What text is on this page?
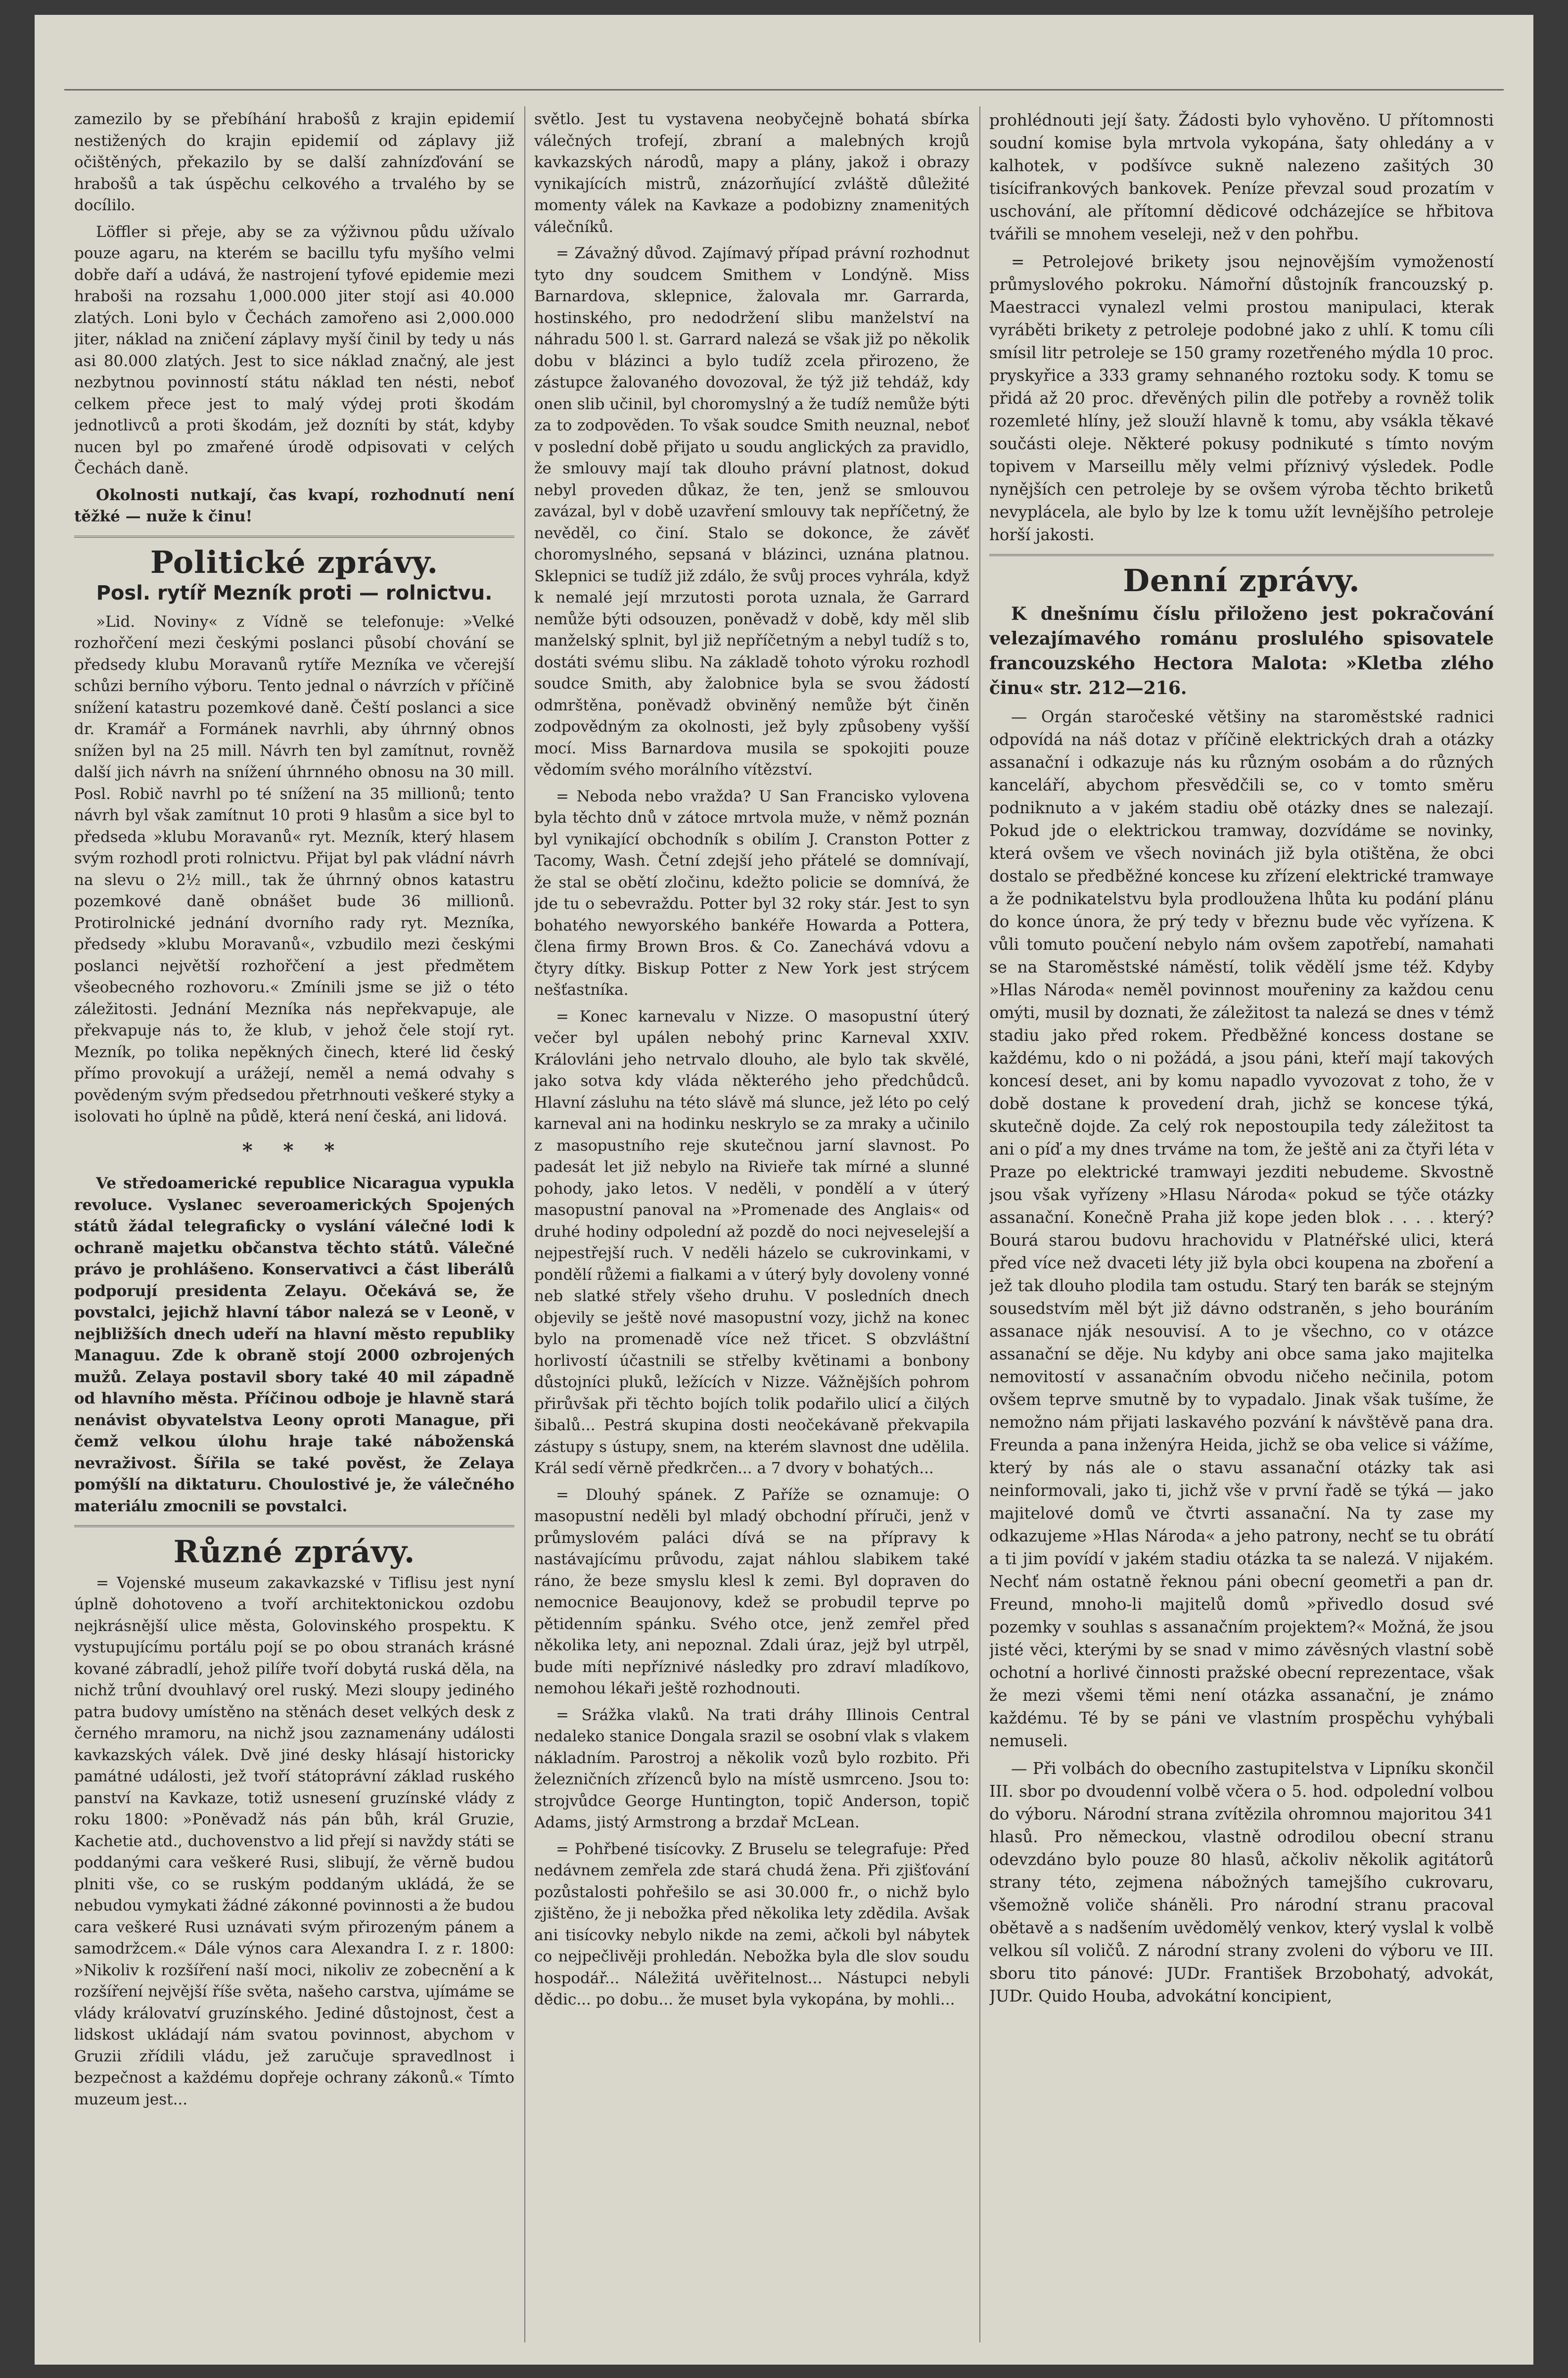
zamezilo by se přebíhání hrabošů z krajin epidemií nestižených do krajin epidemií od záplavy již očištěných, překazilo by se další zahnízďování se hrabošů a tak úspěchu celkového a trvalého by se docílilo.

Löffler si přeje, aby se za výživnou půdu užívalo pouze agaru, na kterém se bacillu tyfu myšího velmi dobře daří a udává, že nastrojení tyfové epidemie mezi hraboši na rozsahu 1,000.000 jiter stojí asi 40.000 zlatých. Loni bylo v Čechách zamořeno asi 2,000.000 jiter, náklad na zničení záplavy myší činil by tedy u nás asi 80.000 zlatých. Jest to sice náklad značný, ale jest nezbytnou povinností státu náklad ten nésti, neboť celkem přece jest to malý výdej proti škodám jednotlivců a proti škodám, jež dozníti by stát, kdyby nucen byl po zmařené úrodě odpisovati v celých Čechách daně.

Okolnosti nutkají, čas kvapí, rozhodnutí není těžké — nuže k činu!

Politické zprávy.
Posl. rytíř Mezník proti — rolnictvu.

»Lid. Noviny« z Vídně se telefonuje: »Velké rozhořčení mezi českými poslanci působí chování se předsedy klubu Moravanů rytíře Mezníka ve včerejší schůzi berního výboru. Tento jednal o návrzích v příčině snížení katastru pozemkové daně. Čeští poslanci a sice dr. Kramář a Formánek navrhli, aby úhrnný obnos snížen byl na 25 mill. Návrh ten byl zamítnut, rovněž další jich návrh na snížení úhrnného obnosu na 30 mill. Posl. Robič navrhl po té snížení na 35 millionů; tento návrh byl však zamítnut 10 proti 9 hlasům a sice byl to předseda »klubu Moravanů« ryt. Mezník, který hlasem svým rozhodl proti rolnictvu. Přijat byl pak vládní návrh na slevu o 2½ mill., tak že úhrnný obnos katastru pozemkové daně obnášet bude 36 millionů. Protirolnické jednání dvorního rady ryt. Mezníka, předsedy »klubu Moravanů«, vzbudilo mezi českými poslanci největší rozhořčení a jest předmětem všeobecného rozhovoru.« Zmínili jsme se již o této záležitosti. Jednání Mezníka nás nepřekvapuje, ale překvapuje nás to, že klub, v jehož čele stojí ryt. Mezník, po tolika nepěkných činech, které lid český přímo provokují a urážejí, neměl a nemá odvahy s povědeným svým předsedou přetrhnouti veškeré styky a isolovati ho úplně na půdě, která není česká, ani lidová.

* * *

Ve středoamerické republice Nicaragua vypukla revoluce. Vyslanec severoamerických Spojených států žádal telegraficky o vyslání válečné lodi k ochraně majetku občanstva těchto států. Válečné právo je prohlášeno. Konservativci a část liberálů podporují presidenta Zelayu. Očekává se, že povstalci, jejichž hlavní tábor nalezá se v Leoně, v nejbližších dnech udeří na hlavní město republiky Managuu. Zde k obraně stojí 2000 ozbrojených mužů. Zelaya postavil sbory také 40 mil západně od hlavního města. Příčinou odboje je hlavně stará nenávist obyvatelstva Leony oproti Manague, při čemž velkou úlohu hraje také náboženská nevraživost. Šířila se také pověst, že Zelaya pomýšlí na diktaturu. Choulostivé je, že válečného materiálu zmocnili se povstalci.

Různé zprávy.

= Vojenské museum zakavkazské v Tiflisu jest nyní úplně dohotoveno a tvoří architektonickou ozdobu nejkrásnější ulice města, Golovinského prospektu. K vystupujícímu portálu pojí se po obou stranách krásné kované zábradlí, jehož pilíře tvoří dobytá ruská děla, na nichž trůní dvouhlavý orel ruský. Mezi sloupy jediného patra budovy umístěno na stěnách deset velkých desk z černého mramoru, na nichž jsou zaznamenány události kavkazských válek. Dvě jiné desky hlásají historicky památné události, jež tvoří státoprávní základ ruského panství na Kavkaze, totiž usnesení gruzínské vlády z roku 1800: »Poněvadž nás pán bůh, král Gruzie, Kachetie atd., duchovenstvo a lid přejí si navždy státi se poddanými cara veškeré Rusi, slibují, že věrně budou plniti vše, co se ruským poddaným ukládá, že se nebudou vymykati žádné zákonné povinnosti a že budou cara veškeré Rusi uznávati svým přirozeným pánem a samodržcem.« Dále výnos cara Alexandra I. z r. 1800: »Nikoliv k rozšíření naší moci, nikoliv ze zobecnění a k rozšíření nejvější říše světa, našeho carstva, ujímáme se vlády královatví gruzínského. Jediné důstojnost, čest a lidskost ukládají nám svatou povinnost, abychom v Gruzii zřídili vládu, jež zaručuje spravedlnost i bezpečnost a každému dopřeje ochrany zákonů.« Tímto muzeum jest...

světlo. Jest tu vystavena neobyčejně bohatá sbírka válečných trofejí, zbraní a malebných krojů kavkazských národů, mapy a plány, jakož i obrazy vynikajících mistrů, znázorňující zvláště důležité momenty válek na Kavkaze a podobizny znamenitých válečníků.

= Závažný důvod. Zajímavý případ právní rozhodnut tyto dny soudcem Smithem v Londýně. Miss Barnardova, sklepnice, žalovala mr. Garrarda, hostinského, pro nedodržení slibu manželství na náhradu 500 l. st. Garrard nalezá se však již po několik dobu v blázinci a bylo tudíž zcela přirozeno, že zástupce žalovaného dovozoval, že týž již tehdáž, kdy onen slib učinil, byl choromyslný a že tudíž nemůže býti za to zodpověden. To však soudce Smith neuznal, neboť v poslední době přijato u soudu anglických za pravidlo, že smlouvy mají tak dlouho právní platnost, dokud nebyl proveden důkaz, že ten, jenž se smlouvou zavázal, byl v době uzavření smlouvy tak nepříčetný, že nevěděl, co činí. Stalo se dokonce, že závěť choromyslného, sepsaná v blázinci, uznána platnou. Sklepnici se tudíž již zdálo, že svůj proces vyhrála, když k nemalé její mrzutosti porota uznala, že Garrard nemůže býti odsouzen, poněvadž v době, kdy měl slib manželský splnit, byl již nepříčetným a nebyl tudíž s to, dostáti svému slibu. Na základě tohoto výroku rozhodl soudce Smith, aby žalobnice byla se svou žádostí odmrštěna, poněvadž obviněný nemůže být činěn zodpovědným za okolnosti, jež byly způsobeny vyšší mocí. Miss Barnardova musila se spokojiti pouze vědomím svého morálního vítězství.

= Neboda nebo vražda? U San Francisko vylovena byla těchto dnů v zátoce mrtvola muže, v němž poznán byl vynikající obchodník s obilím J. Cranston Potter z Tacomy, Wash. Četní zdejší jeho přátelé se domnívají, že stal se obětí zločinu, kdežto policie se domnívá, že jde tu o sebevraždu. Potter byl 32 roky stár. Jest to syn bohatého newyorského bankéře Howarda a Pottera, člena firmy Brown Bros. & Co. Zanechává vdovu a čtyry dítky. Biskup Potter z New York jest strýcem nešťastníka.

= Konec karnevalu v Nizze. O masopustní úterý večer byl upálen nebohý princ Karneval XXIV. Královláni jeho netrvalo dlouho, ale bylo tak skvělé, jako sotva kdy vláda některého jeho předchůdců. Hlavní zásluhu na této slávě má slunce, jež léto po celý karneval ani na hodinku neskrylo se za mraky a učinilo z masopustního reje skutečnou jarní slavnost. Po padesát let již nebylo na Rivieře tak mírné a slunné pohody, jako letos. V neděli, v pondělí a v úterý masopustní panoval na »Promenade des Anglais« od druhé hodiny odpolední až pozdě do noci nejveselejší a nejpestřejší ruch. V neděli házelo se cukrovinkami, v pondělí růžemi a fialkami a v úterý byly dovoleny vonné neb slatké střely všeho druhu. V posledních dnech objevily se ještě nové masopustní vozy, jichž na konec bylo na promenadě více než třicet. S obzvláštní horlivostí účastnili se střelby květinami a bonbony důstojníci pluků, ležících v Nizze. Vážnějších pohrom přirůvšak při těchto bojích tolik podařilo ulicí a čilých šibalů... Pestrá skupina dosti neočekávaně překvapila zástupy s ústupy, snem, na kterém slavnost dne udělila. Král sedí věrně předkrčen... a 7 dvory v bohatých...

= Dlouhý spánek. Z Paříže se oznamuje: O masopustní neděli byl mladý obchodní příruči, jenž v průmyslovém paláci dívá se na přípravy k nastávajícímu průvodu, zajat náhlou slabikem také ráno, že beze smyslu klesl k zemi. Byl dopraven do nemocnice Beaujonovy, kdež se probudil teprve po pětidenním spánku. Svého otce, jenž zemřel před několika lety, ani nepoznal. Zdali úraz, jejž byl utrpěl, bude míti nepříznivé následky pro zdraví mladíkovo, nemohou lékaři ještě rozhodnouti.

= Srážka vlaků. Na trati dráhy Illinois Central nedaleko stanice Dongala srazil se osobní vlak s vlakem nákladním. Parostroj a několik vozů bylo rozbito. Při železničních zřízenců bylo na místě usmrceno. Jsou to: strojvůdce George Huntington, topič Anderson, topič Adams, jistý Armstrong a brzdař McLean.

= Pohřbené tisícovky. Z Bruselu se telegrafuje: Před nedávnem zemřela zde stará chudá žena. Při zjišťování pozůstalosti pohřešilo se asi 30.000 fr., o nichž bylo zjištěno, že ji nebožka před několika lety zdědila. Avšak ani tisícovky nebylo nikde na zemi, ačkoli byl nábytek co nejpečlivěji prohledán. Nebožka byla dle slov soudu hospodář... Náležitá uvěřitelnost... Nástupci nebyli dědic... po dobu... že muset byla vykopána, by mohli...

prohlédnouti její šaty. Žádosti bylo vyhověno. U přítomnosti soudní komise byla mrtvola vykopána, šaty ohledány a v kalhotek, v podšívce sukně nalezeno zašitých 30 tisícifrankových bankovek. Peníze převzal soud prozatím v uschování, ale přítomní dědicové odcházejíce se hřbitova tvářili se mnohem veseleji, než v den pohřbu.

= Petrolejové brikety jsou nejnovějším vymožeností průmyslového pokroku. Námořní důstojník francouzský p. Maestracci vynalezl velmi prostou manipulaci, kterak vyráběti brikety z petroleje podobné jako z uhlí. K tomu cíli smísil litr petroleje se 150 gramy rozetřeného mýdla 10 proc. pryskyřice a 333 gramy sehnaného roztoku sody. K tomu se přidá až 20 proc. dřevěných pilin dle potřeby a rovněž tolik rozemleté hlíny, jež slouží hlavně k tomu, aby vsákla těkavé součásti oleje. Některé pokusy podnikuté s tímto novým topivem v Marseillu měly velmi příznivý výsledek. Podle nynějších cen petroleje by se ovšem výroba těchto briketů nevyplácela, ale bylo by lze k tomu užít levnějšího petroleje horší jakosti.

Denní zprávy.

K dnešnímu číslu přiloženo jest pokračování velezajímavého románu proslulého spisovatele francouzského Hectora Malota: »Kletba zlého činu« str. 212—216.

— Orgán staročeské většiny na staroměstské radnici odpovídá na náš dotaz v příčině elektrických drah a otázky assanační i odkazuje nás ku různým osobám a do různých kanceláří, abychom přesvědčili se, co v tomto směru podniknuto a v jakém stadiu obě otázky dnes se nalezají. Pokud jde o elektrickou tramway, dozvídáme se novinky, která ovšem ve všech novinách již byla otištěna, že obci dostalo se předběžné koncese ku zřízení elektrické tramwaye a že podnikatelstvu byla prodloužena lhůta ku podání plánu do konce února, že prý tedy v březnu bude věc vyřízena. K vůli tomuto poučení nebylo nám ovšem zapotřebí, namahati se na Staroměstské náměstí, tolik vědělí jsme též. Kdyby »Hlas Národa« neměl povinnost mouřeniny za každou cenu omýti, musil by doznati, že záležitost ta nalezá se dnes v témž stadiu jako před rokem. Předběžné koncess dostane se každému, kdo o ni požádá, a jsou páni, kteří mají takových koncesí deset, ani by komu napadlo vyvozovat z toho, že v době dostane k provedení drah, jichž se koncese týká, skutečně dojde. Za celý rok nepostoupila tedy záležitost ta ani o píď a my dnes trváme na tom, že ještě ani za čtyři léta v Praze po elektrické tramwayi jezditi nebudeme. Skvostně jsou však vyřízeny »Hlasu Národa« pokud se týče otázky assanační. Konečně Praha již kope jeden blok . . . . který? Bourá starou budovu hrachovidu v Platnéřské ulici, která před více než dvaceti léty již byla obci koupena na zboření a jež tak dlouho plodila tam ostudu. Starý ten barák se stejným sousedstvím měl být již dávno odstraněn, s jeho bouráním assanace nják nesouvisí. A to je všechno, co v otázce assanační se děje. Nu kdyby ani obce sama jako majitelka nemovitostí v assanačním obvodu ničeho nečinila, potom ovšem teprve smutně by to vypadalo. Jinak však tušíme, že nemožno nám přijati laskavého pozvání k návštěvě pana dra. Freunda a pana inženýra Heida, jichž se oba velice si vážíme, který by nás ale o stavu assanační otázky tak asi neinformovali, jako ti, jichž vše v první řadě se týká — jako majitelové domů ve čtvrti assanační. Na ty zase my odkazujeme »Hlas Národa« a jeho patrony, nechť se tu obrátí a ti jim povídí v jakém stadiu otázka ta se nalezá. V nijakém. Nechť nám ostatně řeknou páni obecní geometři a pan dr. Freund, mnoho-li majitelů domů »přivedlo dosud své pozemky v souhlas s assanačním projektem?« Možná, že jsou jisté věci, kterými by se snad v mimo závěsných vlastní sobě ochotní a horlivé činnosti pražské obecní reprezentace, však že mezi všemi těmi není otázka assanační, je známo každému. Té by se páni ve vlastním prospěchu vyhýbali nemuseli.

— Při volbách do obecního zastupitelstva v Lipníku skončil III. sbor po dvoudenní volbě včera o 5. hod. odpolední volbou do výboru. Národní strana zvítězila ohromnou majoritou 341 hlasů. Pro německou, vlastně odrodilou obecní stranu odevzdáno bylo pouze 80 hlasů, ačkoliv několik agitátorů strany této, zejmena nábožných tamejšího cukrovaru, všemožně voliče sháněli. Pro národní stranu pracoval obětavě a s nadšením uvědomělý venkov, který vyslal k volbě velkou síl voličů. Z národní strany zvoleni do výboru ve III. sboru tito pánové: JUDr. František Brzobohatý, advokát, JUDr. Quido Houba, advokátní koncipient,
